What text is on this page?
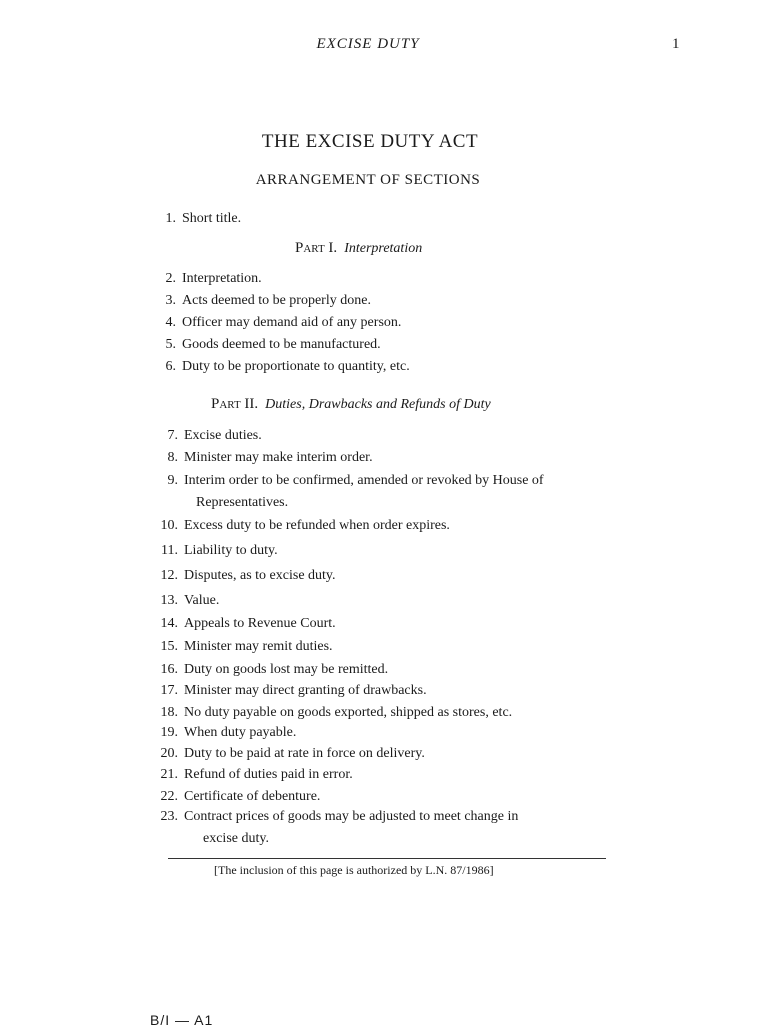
EXCISE DUTY	1
THE EXCISE DUTY ACT
ARRANGEMENT OF SECTIONS
1. Short title.
Part I. Interpretation
2. Interpretation.
3. Acts deemed to be properly done.
4. Officer may demand aid of any person.
5. Goods deemed to be manufactured.
6. Duty to be proportionate to quantity, etc.
Part II. Duties, Drawbacks and Refunds of Duty
7. Excise duties.
8. Minister may make interim order.
9. Interim order to be confirmed, amended or revoked by House of
Representatives.
10. Excess duty to be refunded when order expires.
11. Liability to duty.
12. Disputes, as to excise duty.
13. Value.
14. Appeals to Revenue Court.
15. Minister may remit duties.
16. Duty on goods lost may be remitted.
17. Minister may direct granting of drawbacks.
18. No duty payable on goods exported, shipped as stores, etc.
19. When duty payable.
20. Duty to be paid at rate in force on delivery.
21. Refund of duties paid in error.
22. Certificate of debenture.
23. Contract prices of goods may be adjusted to meet change in
excise duty.
[The inclusion of this page is authorized by L.N. 87/1986]
B/I — A1
